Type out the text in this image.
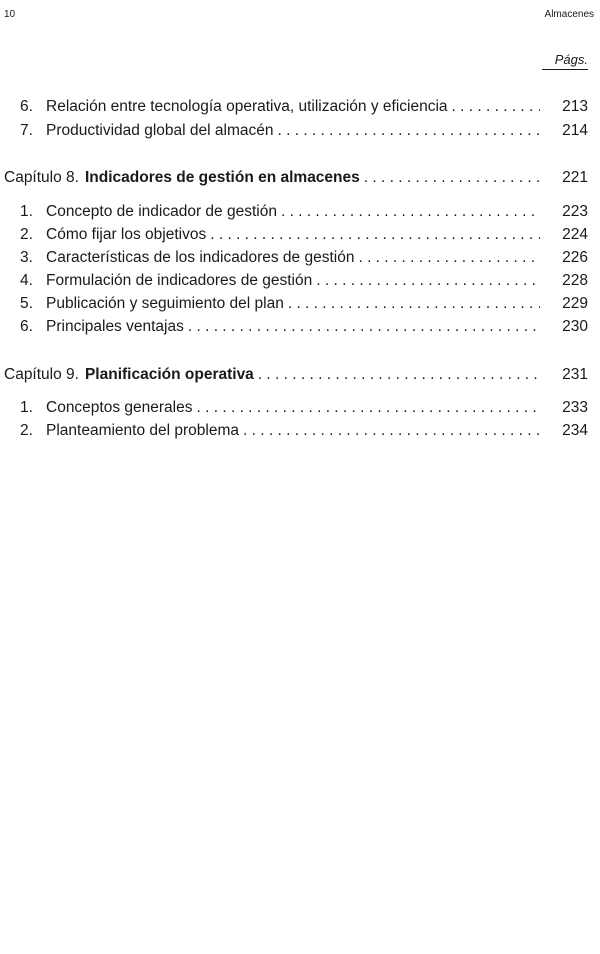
10	Almacenes
Págs.
6. Relación entre tecnología operativa, utilización y eficiencia . . .	213
7. Productividad global del almacén . . .	214
Capítulo 8. Indicadores de gestión en almacenes . . .	221
1. Concepto de indicador de gestión . . .	223
2. Cómo fijar los objetivos . . .	224
3. Características de los indicadores de gestión . . .	226
4. Formulación de indicadores de gestión . . .	228
5. Publicación y seguimiento del plan . . .	229
6. Principales ventajas . . .	230
Capítulo 9. Planificación operativa . . .	231
1. Conceptos generales . . .	233
2. Planteamiento del problema . . .	234
